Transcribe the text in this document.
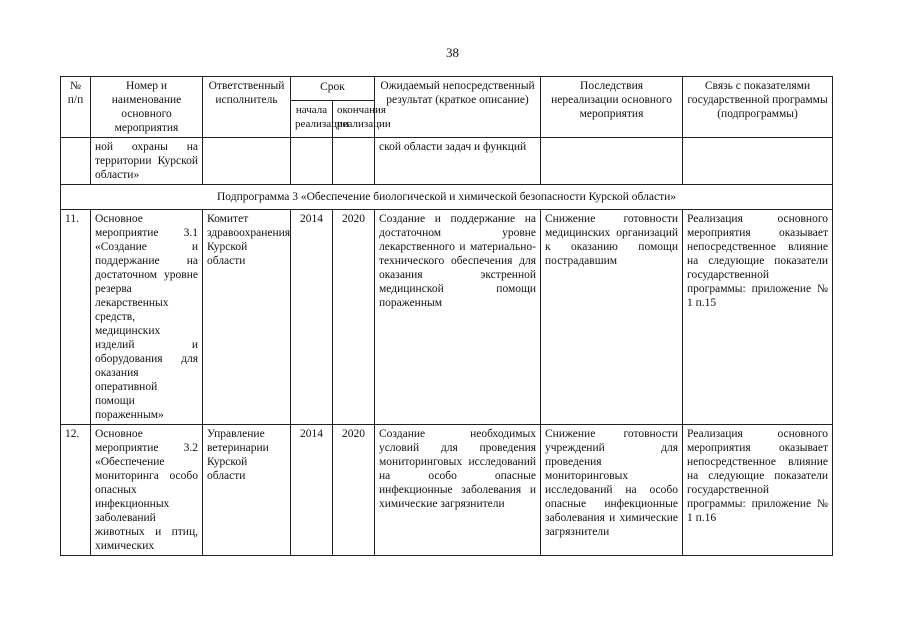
38
№ п/п	Номер и наименование основного мероприятия	Ответственный исполнитель	Срок		Ожидаемый непосредственный результат (краткое описание)	Последствия нереализации основного мероприятия	Связь с показателями государственной программы (подпрограммы)
			начала реализации	окончания реализации			
	ной охраны на территории Курской области»				ской области задач и функций		
Подпрограмма 3 «Обеспечение биологической и химической безопасности Курской области»							
11.	Основное мероприятие 3.1 «Создание и поддержание на достаточном уровне резерва лекарственных средств, медицинских изделий и оборудования для оказания оперативной помощи пораженным»	Комитет здравоохранения Курской области	2014	2020	Создание и поддержание на достаточном уровне лекарственного и материально-технического обеспечения для оказания экстренной медицинской помощи пораженным	Снижение готовности медицинских организаций к оказанию помощи пострадавшим	Реализация основного мероприятия оказывает непосредственное влияние на следующие показатели государственной программы: приложение № 1 п.15
12.	Основное мероприятие 3.2 «Обеспечение мониторинга особо опасных инфекционных заболеваний животных и птиц, химических	Управление ветеринарии Курской области	2014	2020	Создание необходимых условий для проведения мониторинговых исследований на особо опасные инфекционные заболевания и химические загрязнители	Снижение готовности учреждений для проведения мониторинговых исследований на особо опасные инфекционные заболевания и химические загрязнители	Реализация основного мероприятия оказывает непосредственное влияние на следующие показатели государственной программы: приложение № 1 п.16
